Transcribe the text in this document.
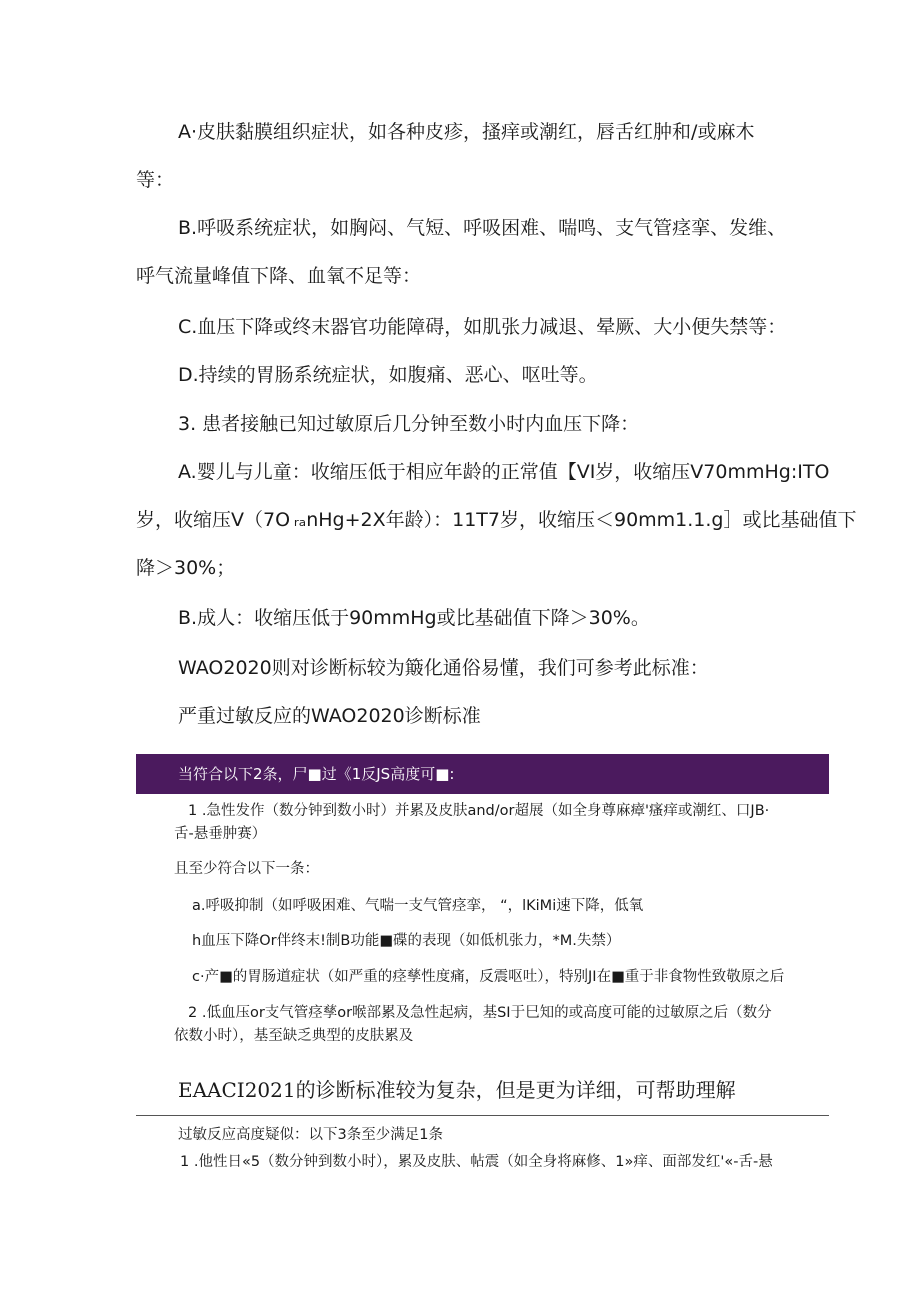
A·皮肤黏膜组织症状，如各种皮疹，搔痒或潮红，唇舌红肿和/或麻木
等：
B.呼吸系统症状，如胸闷、气短、呼吸困难、喘鸣、支气管痉挛、发维、
呼气流量峰值下降、血氧不足等：
C.血压下降或终末器官功能障碍，如肌张力减退、晕厥、大小便失禁等：
D.持续的胃肠系统症状，如腹痛、恶心、呕吐等。
3. 患者接触已知过敏原后几分钟至数小时内血压下降：
A.婴儿与儿童：收缩压低于相应年龄的正常值【VI岁，收缩压V70mmHg:ITO
岁，收缩压V（7O ᵣₐnHg+2X年龄）：11T7岁，收缩压＜90mm1.1.g］或比基础值下
降＞30%；
B.成人：收缩压低于90mmHg或比基础值下降＞30%。
WAO2020则对诊断标较为簸化通俗易懂，我们可参考此标准：
严重过敏反应的WAO2020诊断标准
当符合以下2条，尸■过《1反JS高度可■:
1 .急性发作（数分钟到数小时）并累及皮肤and/or超展（如全身尊麻瘴'瘙痒或潮红、口JB·
舌-悬垂肿赛）
且至少符合以下一条：
a.呼吸抑制（如呼吸困难、气喘一支气管痉挛， “，lKiMi速下降，低氧
h血压下降Or伴终末!制B功能■碟的表现（如低机张力，*M.失禁）
c·产■的胃肠道症状（如严重的痉孳性度痛，反震呕吐），特别JI在■重于非食物性致敬原之后
2 .低血压or支气管痉孳or喉部累及急性起病，基SI于巳知的或高度可能的过敏原之后（数分
依数小时），基至缺乏典型的皮肤累及
EAACI2021的诊断标准较为复杂，但是更为详细，可帮助理解
过敏反应高度疑似：以下3条至少满足1条
1 .他性日«5（数分钟到数小时），累及皮肤、帖震（如全身将麻修、1»痒、面部发红'«-舌-悬
